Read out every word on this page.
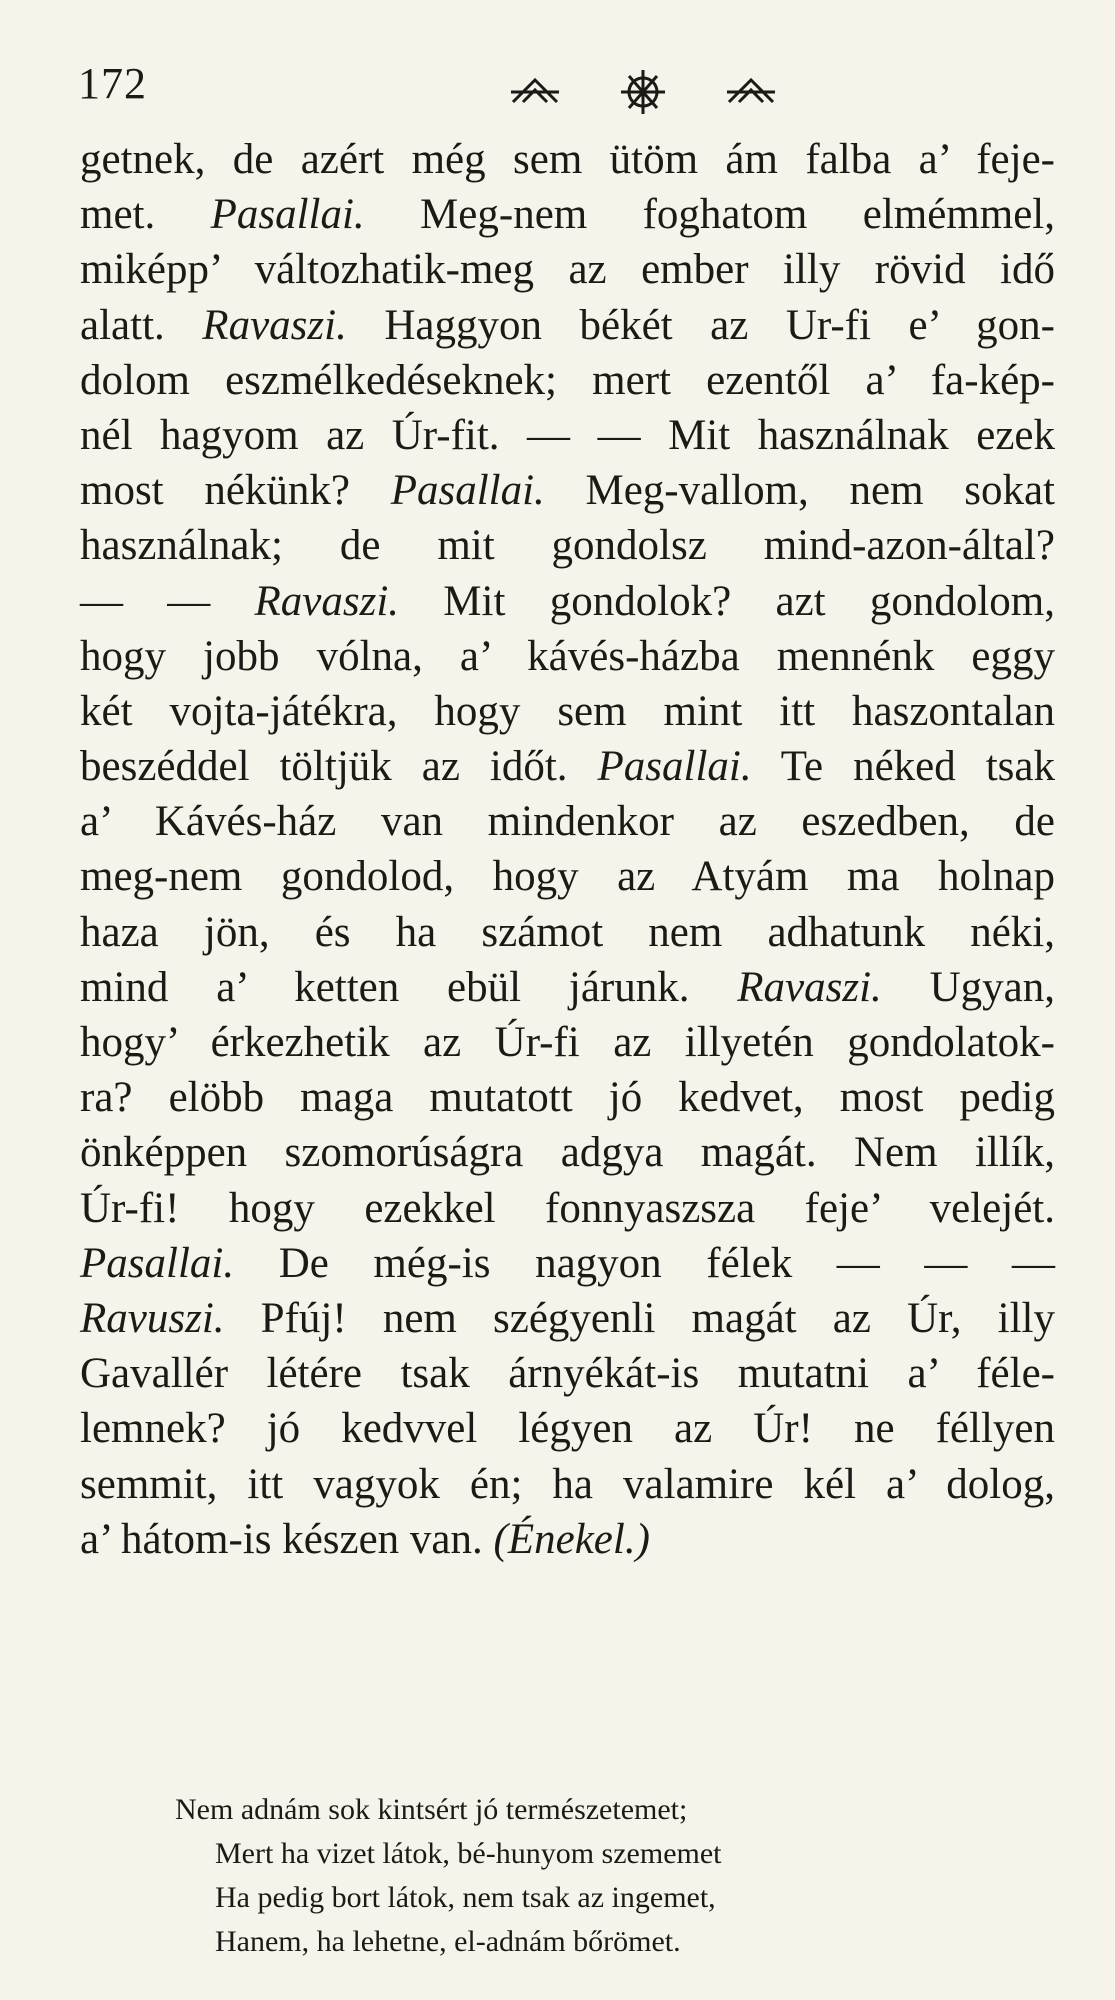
172
getnek, de azért még sem ütöm ám falba a’ feje-
met. Pasallai. Meg-nem foghatom elmémmel,
miképp’ változhatik-meg az ember illy rövid idő
alatt. Ravaszi. Haggyon békét az Ur-fi e’ gon-
dolom eszmélkedéseknek; mert ezentől a’ fa-kép-
nél hagyom az Úr-fit. — — Mit használnak ezek
most nékünk? Pasallai. Meg-vallom, nem sokat
használnak; de mit gondolsz mind-azon-által?
— — Ravaszi. Mit gondolok? azt gondolom,
hogy jobb vólna, a’ kávés-házba mennénk eggy
két vojta-játékra, hogy sem mint itt haszontalan
beszéddel töltjük az időt. Pasallai. Te néked tsak
a’ Kávés-ház van mindenkor az eszedben, de
meg-nem gondolod, hogy az Atyám ma holnap
haza jön, és ha számot nem adhatunk néki,
mind a’ ketten ebül járunk. Ravaszi. Ugyan,
hogy’ érkezhetik az Úr-fi az illyetén gondolatok-
ra? elöbb maga mutatott jó kedvet, most pedig
önképpen szomorúságra adgya magát. Nem illík,
Úr-fi! hogy ezekkel fonnyaszsza feje’ velejét.
Pasallai. De még-is nagyon félek — — —
Ravuszi. Pfúj! nem szégyenli magát az Úr, illy
Gavallér létére tsak árnyékát-is mutatni a’ féle-
lemnek? jó kedvvel légyen az Úr! ne féllyen
semmit, itt vagyok én; ha valamire kél a’ dolog,
a’ hátom-is készen van. (Énekel.)
Nem adnám sok kintsért jó természetemet;
Mert ha vizet látok, bé-hunyom szememet
Ha pedig bort látok, nem tsak az ingemet,
Hanem, ha lehetne, el-adnám bőrömet.
